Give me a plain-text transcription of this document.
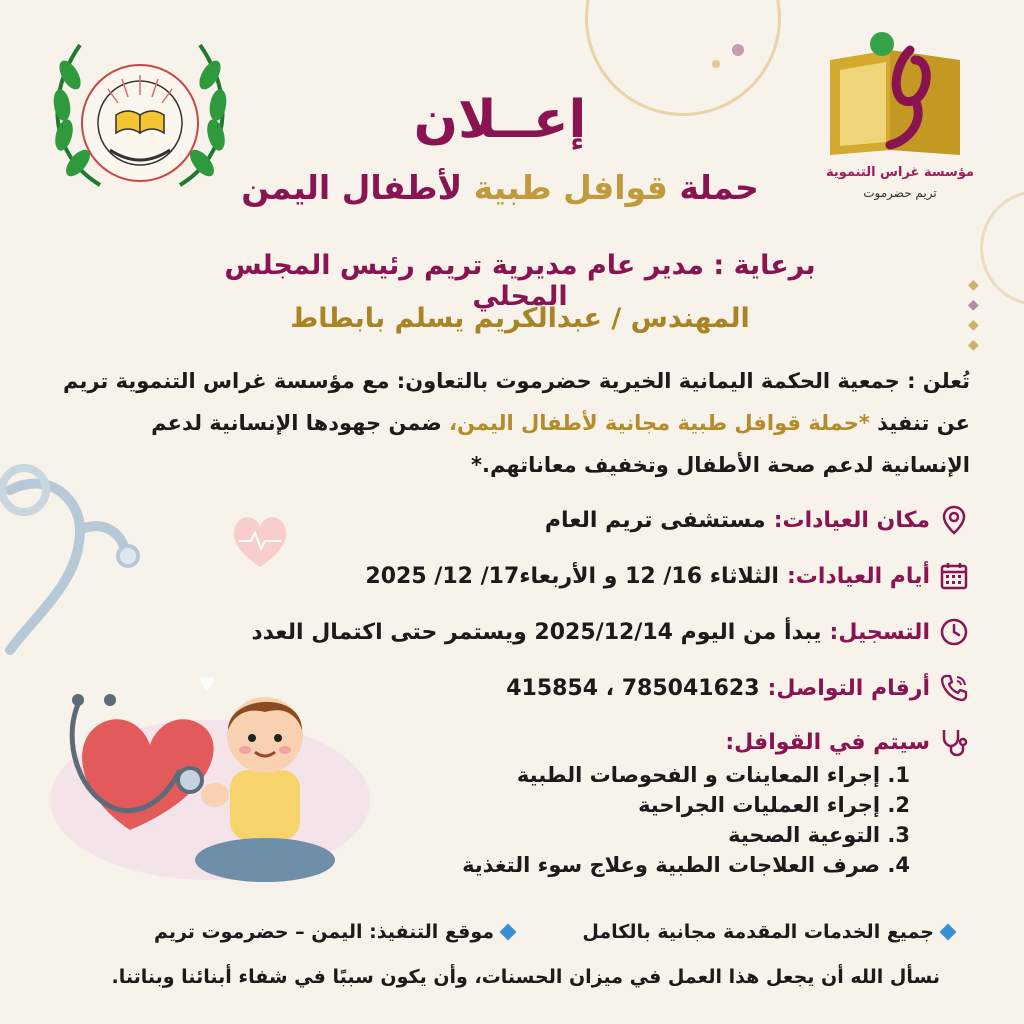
◆
◆
◆
◆
مؤسسة غراس التنموية
تريم حضرموت
إعــلان
حملة قوافل طبية لأطفال اليمن
برعاية : مدير عام مديرية تريم رئيس المجلس المحلي
المهندس / عبدالكريم يسلم بابطاط
تُعلن : جمعية الحكمة اليمانية الخيرية حضرموت بالتعاون: مع مؤسسة غراس التنموية تريم
عن تنفيذ *حملة قوافل طبية مجانية لأطفال اليمن، ضمن جهودها الإنسانية لدعم
الإنسانية لدعم صحة الأطفال وتخفيف معاناتهم.*
مكان العيادات:
مستشفى تريم العام
أيام العيادات:
الثلاثاء 16/ 12 و الأربعاء17/ 12/ 2025
التسجيل:
يبدأ من اليوم 2025/12/14 ويستمر حتى اكتمال العدد
أرقام التواصل:
785041623 ، 415854
سيتم في القوافل:
1. إجراء المعاينات و الفحوصات الطبية
2. إجراء العمليات الجراحية
3. التوعية الصحية
4. صرف العلاجات الطبية وعلاج سوء التغذية
♥
جميع الخدمات المقدمة مجانية بالكامل
موقع التنفيذ: اليمن – حضرموت تريم
نسأل الله أن يجعل هذا العمل في ميزان الحسنات، وأن يكون سببًا في شفاء أبنائنا وبناتنا.
